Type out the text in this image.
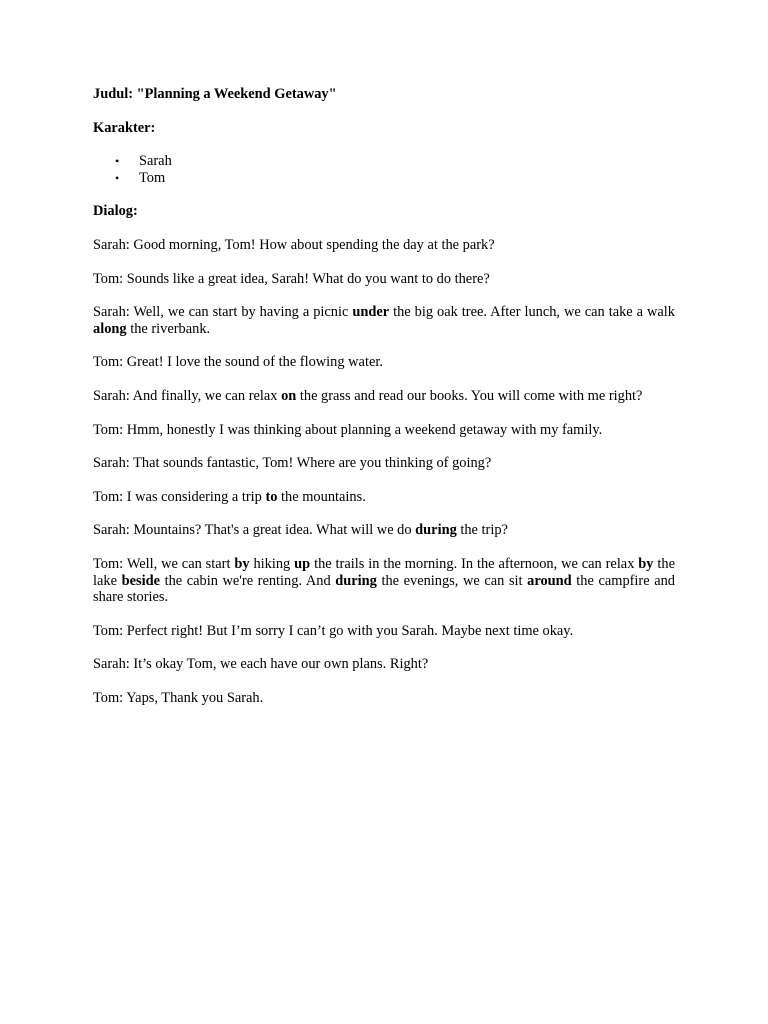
Judul: "Planning a Weekend Getaway"

Karakter:

• Sarah
• Tom

Dialog:

Sarah: Good morning, Tom! How about spending the day at the park?

Tom: Sounds like a great idea, Sarah! What do you want to do there?

Sarah: Well, we can start by having a picnic under the big oak tree. After lunch, we can take a walk along the riverbank.

Tom: Great! I love the sound of the flowing water.

Sarah: And finally, we can relax on the grass and read our books. You will come with me right?

Tom: Hmm, honestly I was thinking about planning a weekend getaway with my family.

Sarah: That sounds fantastic, Tom! Where are you thinking of going?

Tom: I was considering a trip to the mountains.

Sarah: Mountains? That's a great idea. What will we do during the trip?

Tom: Well, we can start by hiking up the trails in the morning. In the afternoon, we can relax by the lake beside the cabin we're renting. And during the evenings, we can sit around the campfire and share stories.

Tom: Perfect right! But I’m sorry I can’t go with you Sarah. Maybe next time okay.

Sarah: It’s okay Tom, we each have our own plans. Right?

Tom: Yaps, Thank you Sarah.
